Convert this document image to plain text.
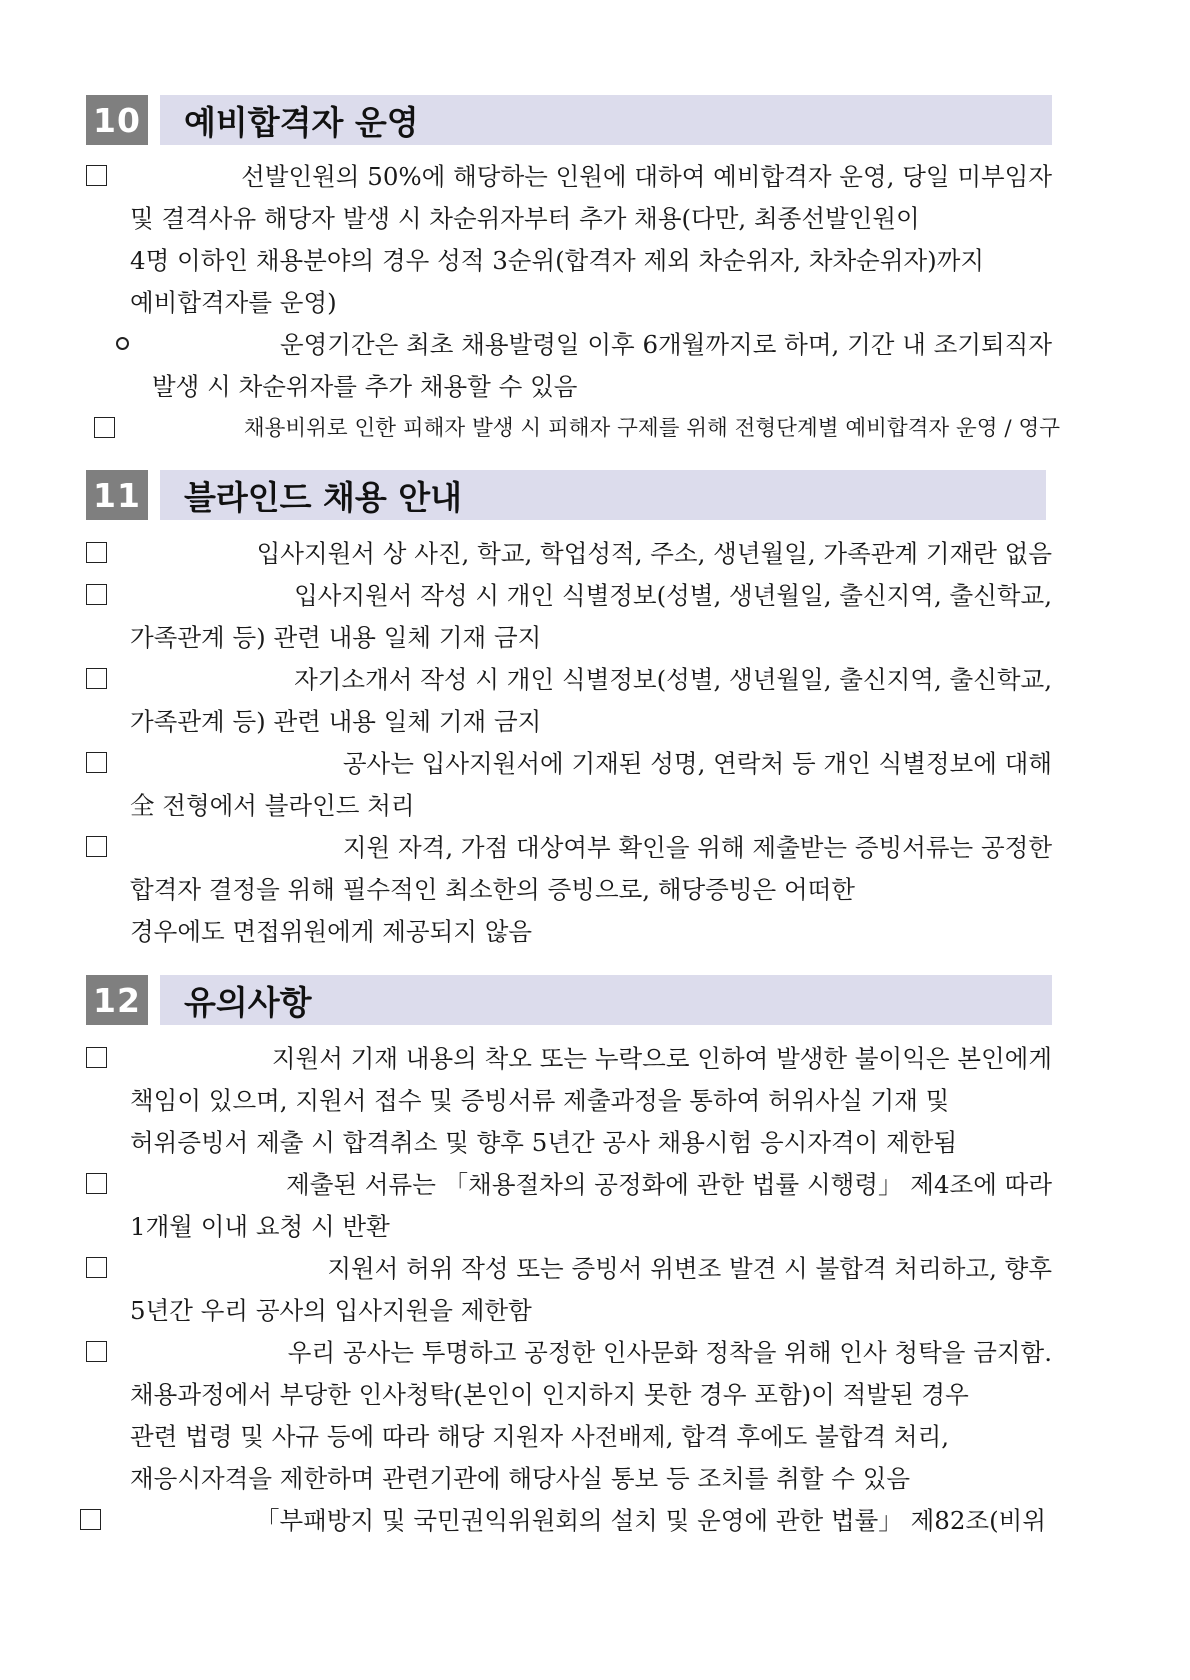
10	예비합격자 운영
선발인원의 50%에 해당하는 인원에 대하여 예비합격자 운영, 당일 미부임자
및 결격사유 해당자 발생 시 차순위자부터 추가 채용(다만, 최종선발인원이
4명 이하인 채용분야의 경우 성적 3순위(합격자 제외 차순위자, 차차순위자)까지
예비합격자를 운영)
운영기간은 최초 채용발령일 이후 6개월까지로 하며, 기간 내 조기퇴직자
발생 시 차순위자를 추가 채용할 수 있음
채용비위로 인한 피해자 발생 시 피해자 구제를 위해 전형단계별 예비합격자 운영 / 영구
11	블라인드 채용 안내
입사지원서 상 사진, 학교, 학업성적, 주소, 생년월일, 가족관계 기재란 없음
입사지원서 작성 시 개인 식별정보(성별, 생년월일, 출신지역, 출신학교,
가족관계 등) 관련 내용 일체 기재 금지
자기소개서 작성 시 개인 식별정보(성별, 생년월일, 출신지역, 출신학교,
가족관계 등) 관련 내용 일체 기재 금지
공사는 입사지원서에 기재된 성명, 연락처 등 개인 식별정보에 대해
全 전형에서 블라인드 처리
지원 자격, 가점 대상여부 확인을 위해 제출받는 증빙서류는 공정한
합격자 결정을 위해 필수적인 최소한의 증빙으로, 해당증빙은 어떠한
경우에도 면접위원에게 제공되지 않음
12	유의사항
지원서 기재 내용의 착오 또는 누락으로 인하여 발생한 불이익은 본인에게
책임이 있으며, 지원서 접수 및 증빙서류 제출과정을 통하여 허위사실 기재 및
허위증빙서 제출 시 합격취소 및 향후 5년간 공사 채용시험 응시자격이 제한됨
제출된 서류는 「채용절차의 공정화에 관한 법률 시행령」 제4조에 따라
1개월 이내 요청 시 반환
지원서 허위 작성 또는 증빙서 위변조 발견 시 불합격 처리하고, 향후
5년간 우리 공사의 입사지원을 제한함
우리 공사는 투명하고 공정한 인사문화 정착을 위해 인사 청탁을 금지함.
채용과정에서 부당한 인사청탁(본인이 인지하지 못한 경우 포함)이 적발된 경우
관련 법령 및 사규 등에 따라 해당 지원자 사전배제, 합격 후에도 불합격 처리,
재응시자격을 제한하며 관련기관에 해당사실 통보 등 조치를 취할 수 있음
「부패방지 및 국민권익위원회의 설치 및 운영에 관한 법률」 제82조(비위
